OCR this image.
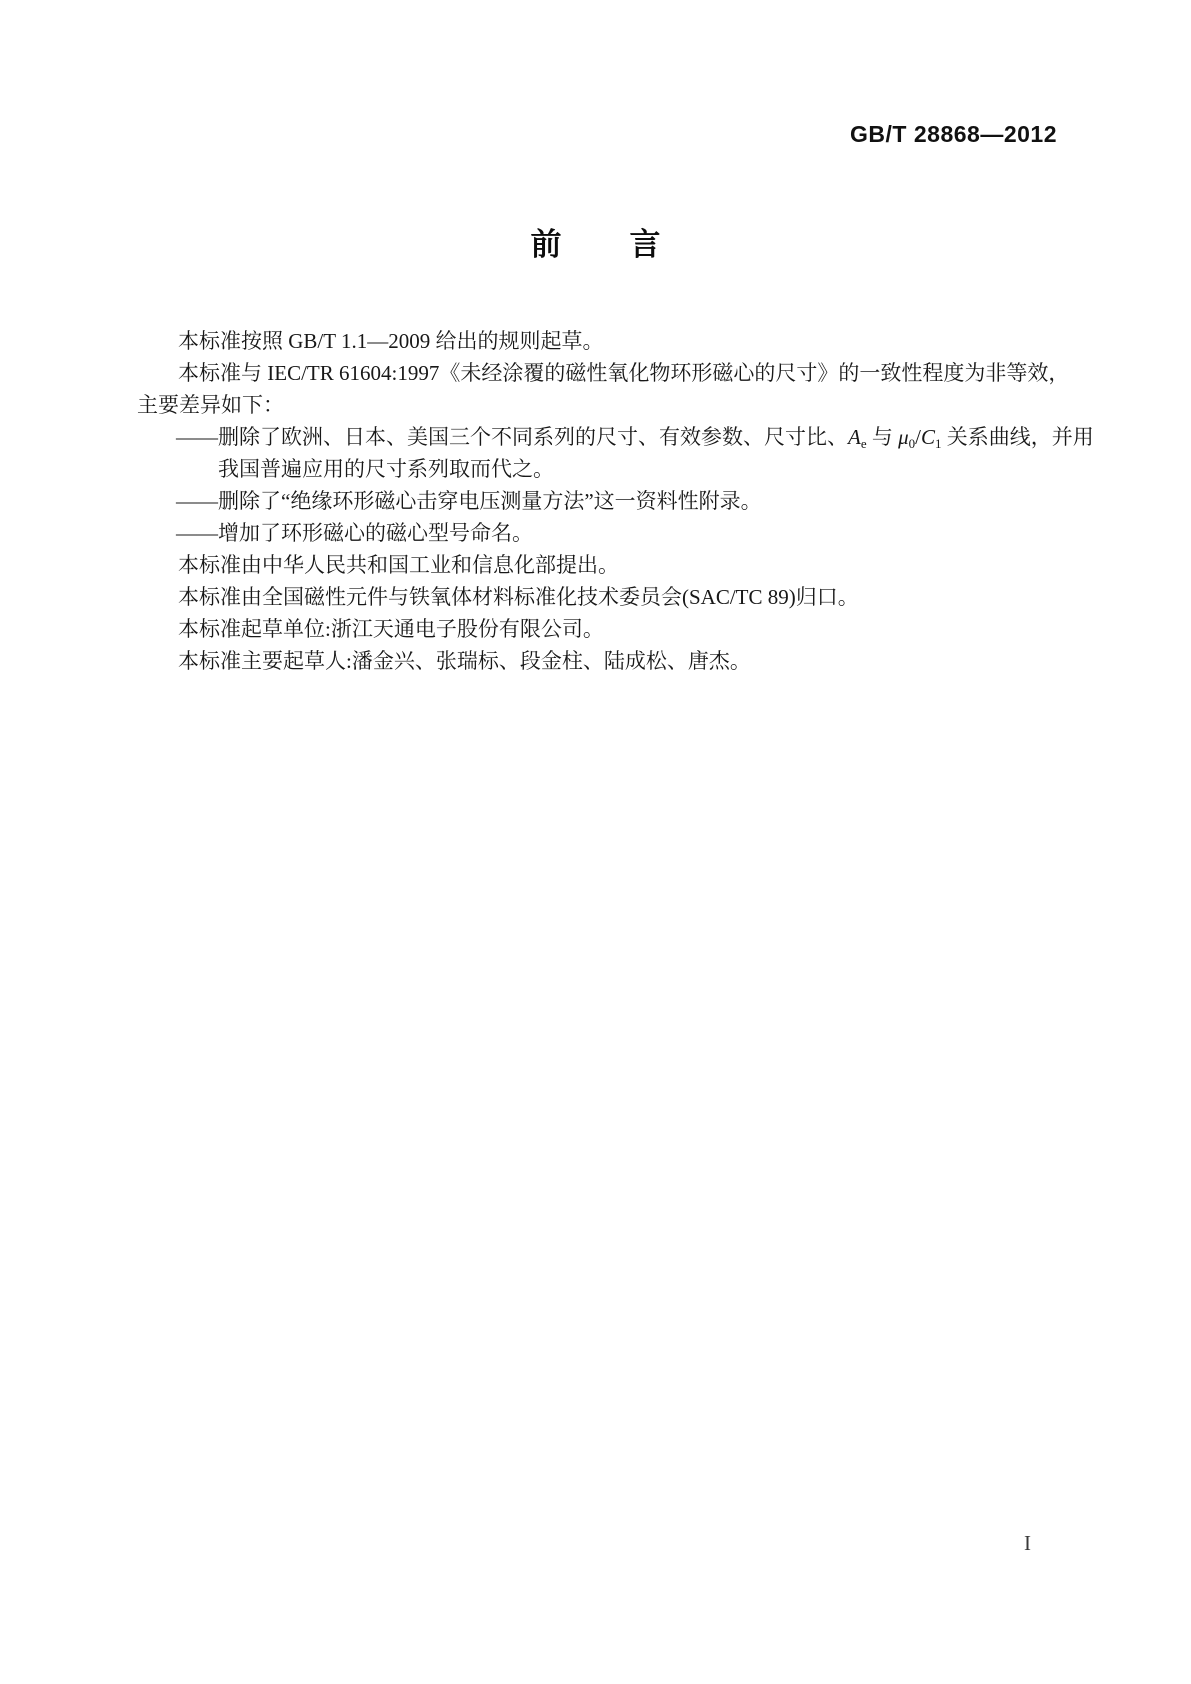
GB/T 28868—2012
前 言
本标准按照 GB/T 1.1—2009 给出的规则起草。
本标准与 IEC/TR 61604:1997《未经涂覆的磁性氧化物环形磁心的尺寸》的一致性程度为非等效，
主要差异如下：
——删除了欧洲、日本、美国三个不同系列的尺寸、有效参数、尺寸比、$A_e$ 与 $\mu_0/C_1$ 关系曲线，并用
我国普遍应用的尺寸系列取而代之。
——删除了“绝缘环形磁心击穿电压测量方法”这一资料性附录。
——增加了环形磁心的磁心型号命名。
本标准由中华人民共和国工业和信息化部提出。
本标准由全国磁性元件与铁氧体材料标准化技术委员会(SAC/TC 89)归口。
本标准起草单位:浙江天通电子股份有限公司。
本标准主要起草人:潘金兴、张瑞标、段金柱、陆成松、唐杰。
I
